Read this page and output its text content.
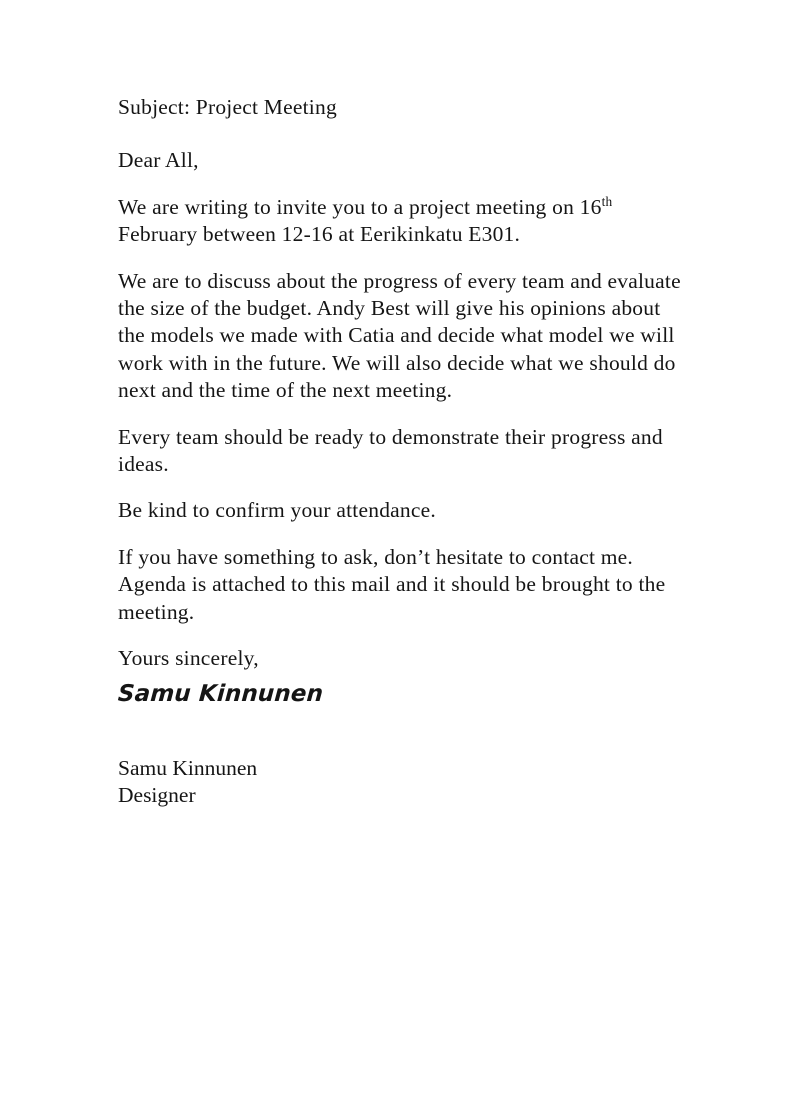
Subject: Project Meeting

Dear All,

We are writing to invite you to a project meeting on 16th February between 12-16 at Eerikinkatu E301.

We are to discuss about the progress of every team and evaluate the size of the budget. Andy Best will give his opinions about the models we made with Catia and decide what model we will work with in the future. We will also decide what we should do next and the time of the next meeting.

Every team should be ready to demonstrate their progress and ideas.

Be kind to confirm your attendance.

If you have something to ask, don’t hesitate to contact me. Agenda is attached to this mail and it should be brought to the meeting.

Yours sincerely,

Samu Kinnunen
Samu Kinnunen
Designer
